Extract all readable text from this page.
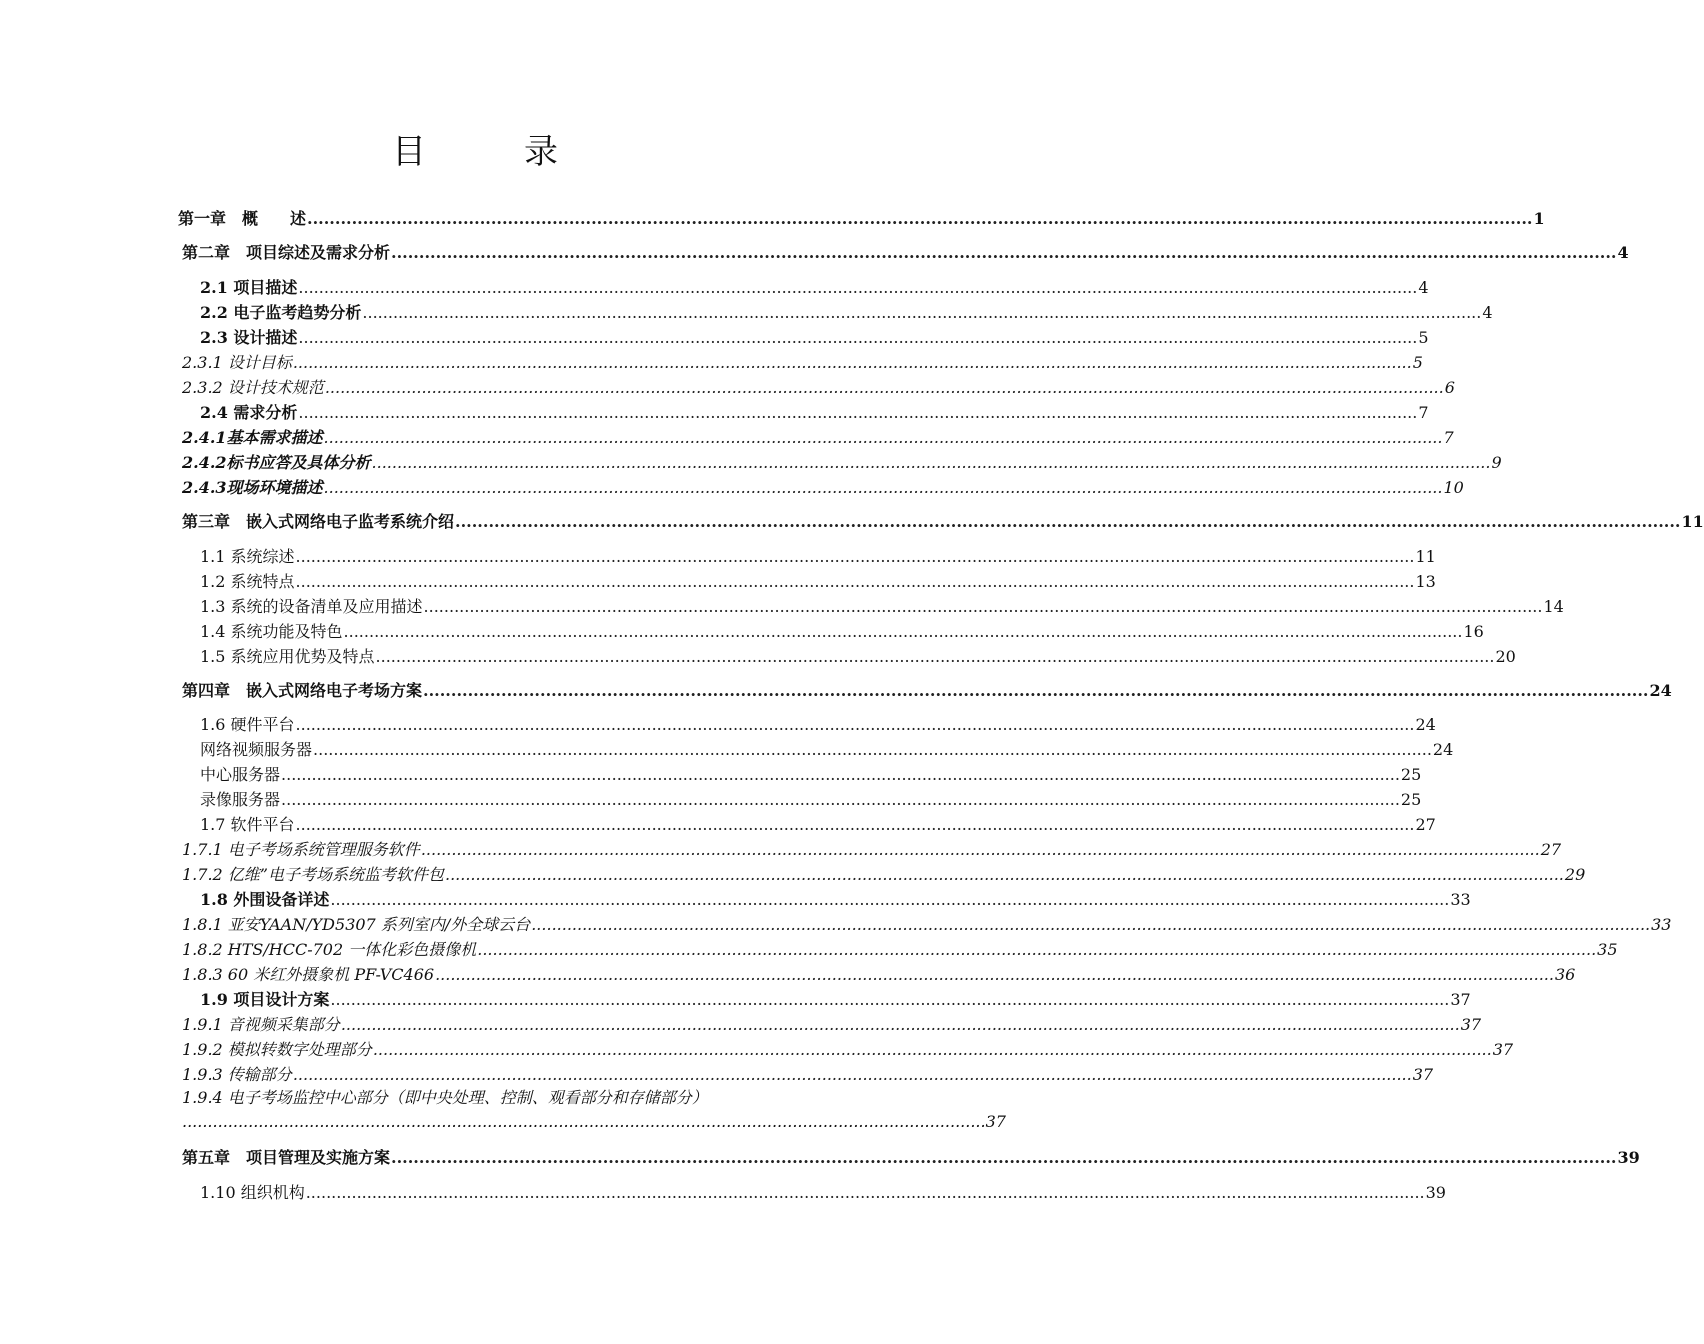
目　录
第一章　概　　述 ............................................................................................................................................................................................................................ 1
第二章　项目综述及需求分析 ............................................................................................................................................................................................................................ 4
2.1 项目描述 ............................................................................................................................................................................................................................ 4
2.2 电子监考趋势分析 ............................................................................................................................................................................................................................ 4
2.3 设计描述 ............................................................................................................................................................................................................................ 5
2.3.1 设计目标 ............................................................................................................................................................................................................................ 5
2.3.2 设计技术规范 ............................................................................................................................................................................................................................ 6
2.4 需求分析 ............................................................................................................................................................................................................................ 7
2.4.1基本需求描述 ............................................................................................................................................................................................................................ 7
2.4.2标书应答及具体分析 ............................................................................................................................................................................................................................ 9
2.4.3现场环境描述 ............................................................................................................................................................................................................................ 10
第三章　嵌入式网络电子监考系统介绍 ............................................................................................................................................................................................................................ 11
1.1 系统综述 ............................................................................................................................................................................................................................ 11
1.2 系统特点 ............................................................................................................................................................................................................................ 13
1.3 系统的设备清单及应用描述 ............................................................................................................................................................................................................................ 14
1.4 系统功能及特色 ............................................................................................................................................................................................................................ 16
1.5 系统应用优势及特点 ............................................................................................................................................................................................................................ 20
第四章　嵌入式网络电子考场方案 ............................................................................................................................................................................................................................ 24
1.6 硬件平台 ............................................................................................................................................................................................................................ 24
网络视频服务器 ............................................................................................................................................................................................................................ 24
中心服务器 ............................................................................................................................................................................................................................ 25
录像服务器 ............................................................................................................................................................................................................................ 25
1.7 软件平台 ............................................................................................................................................................................................................................ 27
1.7.1 电子考场系统管理服务软件 ............................................................................................................................................................................................................................ 27
1.7.2 亿维”电子考场系统监考软件包 ............................................................................................................................................................................................................................ 29
1.8 外围设备详述 ............................................................................................................................................................................................................................ 33
1.8.1 亚安YAAN/YD5307 系列室内/外全球云台 ............................................................................................................................................................................................................................ 33
1.8.2 HTS/HCC-702 一体化彩色摄像机 ............................................................................................................................................................................................................................ 35
1.8.3 60 米红外摄象机 PF-VC466 ............................................................................................................................................................................................................................ 36
1.9 项目设计方案 ............................................................................................................................................................................................................................ 37
1.9.1 音视频采集部分 ............................................................................................................................................................................................................................ 37
1.9.2 模拟转数字处理部分 ............................................................................................................................................................................................................................ 37
1.9.3 传输部分 ............................................................................................................................................................................................................................ 37
第五章　项目管理及实施方案 ............................................................................................................................................................................................................................ 39
1.10 组织机构 ............................................................................................................................................................................................................................ 39
1.9.4 电子考场监控中心部分（即中央处理、控制、观看部分和存储部分）
.............................................................................................................................................................. 37
